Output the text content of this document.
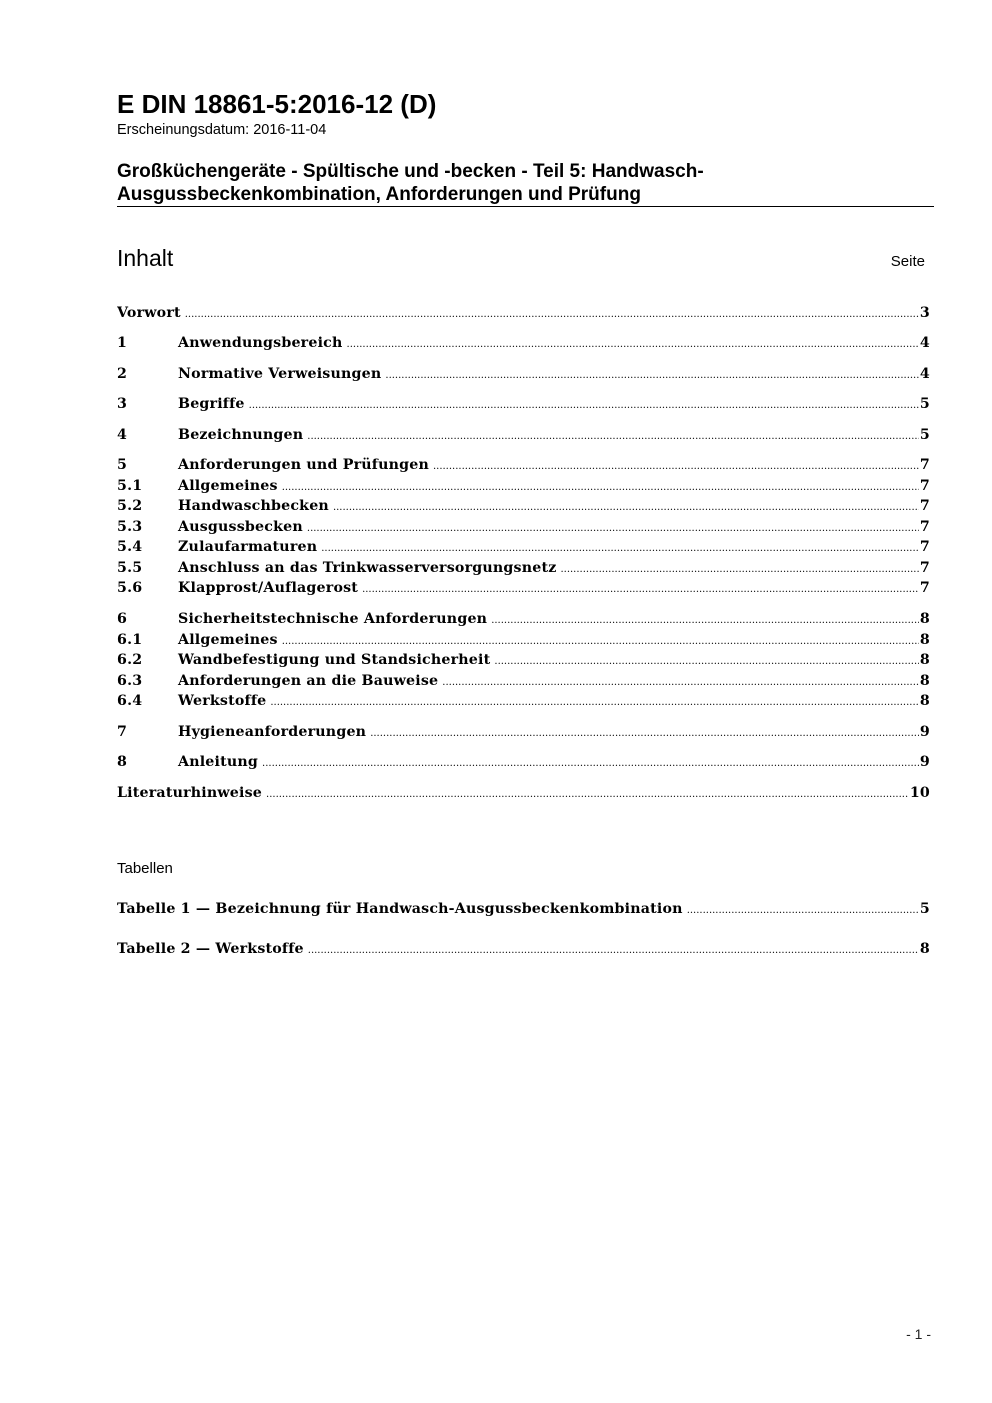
E DIN 18861-5:2016-12 (D)
Erscheinungsdatum: 2016-11-04
Großküchengeräte - Spültische und -becken - Teil 5: Handwasch-Ausgussbeckenkombination, Anforderungen und Prüfung
Inhalt	Seite
Vorwort .....	3
1	Anwendungsbereich .....	4
2	Normative Verweisungen .....	4
3	Begriffe .....	5
4	Bezeichnungen .....	5
5	Anforderungen und Prüfungen .....	7
5.1	Allgemeines .....	7
5.2	Handwaschbecken .....	7
5.3	Ausgussbecken .....	7
5.4	Zulaufarmaturen .....	7
5.5	Anschluss an das Trinkwasserversorgungsnetz .....	7
5.6	Klapprost/Auflagerost .....	7
6	Sicherheitstechnische Anforderungen .....	8
6.1	Allgemeines .....	8
6.2	Wandbefestigung und Standsicherheit .....	8
6.3	Anforderungen an die Bauweise .....	8
6.4	Werkstoffe .....	8
7	Hygieneanforderungen .....	9
8	Anleitung .....	9
Literaturhinweise .....	10
Tabellen
Tabelle 1 — Bezeichnung für Handwasch-Ausgussbeckenkombination .....	5
Tabelle 2 — Werkstoffe .....	8
- 1 -
